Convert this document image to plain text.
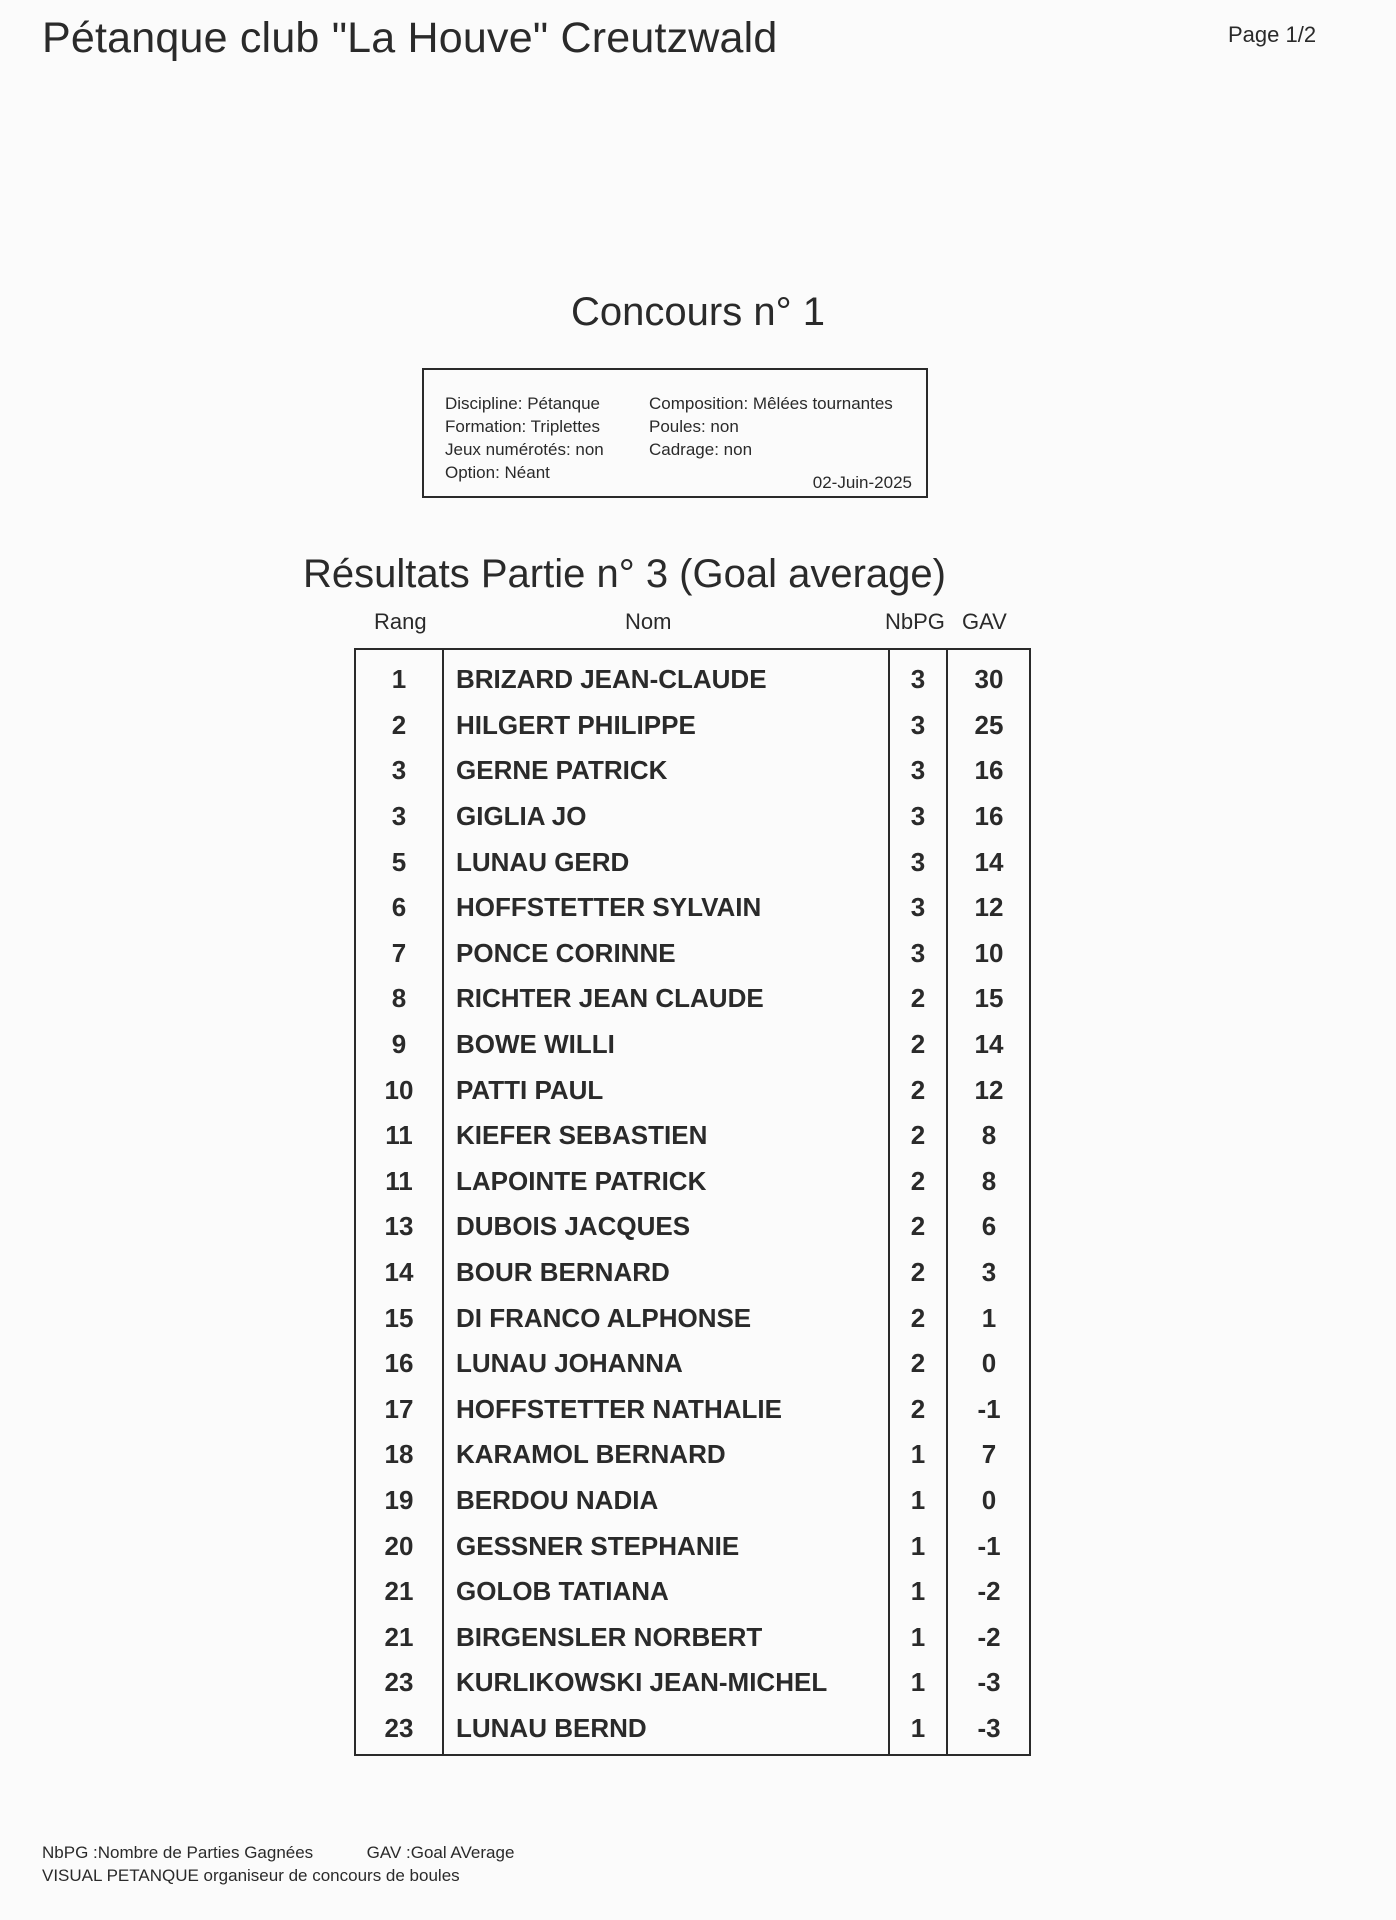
Pétanque club "La Houve" Creutzwald	Page 1/2
Concours n° 1
Discipline: Pétanque
Formation: Triplettes
Jeux numérotés: non
Option: Néant
Composition: Mêlées tournantes
Poules: non
Cadrage: non
02-Juin-2025
Résultats Partie n° 3 (Goal average)
Rang	Nom	NbPG GAV
1	BRIZARD JEAN-CLAUDE	3	30
2	HILGERT PHILIPPE	3	25
3	GERNE PATRICK	3	16
3	GIGLIA JO	3	16
5	LUNAU GERD	3	14
6	HOFFSTETTER SYLVAIN	3	12
7	PONCE CORINNE	3	10
8	RICHTER JEAN CLAUDE	2	15
9	BOWE WILLI	2	14
10	PATTI PAUL	2	12
11	KIEFER SEBASTIEN	2	8
11	LAPOINTE PATRICK	2	8
13	DUBOIS JACQUES	2	6
14	BOUR BERNARD	2	3
15	DI FRANCO ALPHONSE	2	1
16	LUNAU JOHANNA	2	0
17	HOFFSTETTER NATHALIE	2	-1
18	KARAMOL BERNARD	1	7
19	BERDOU NADIA	1	0
20	GESSNER STEPHANIE	1	-1
21	GOLOB TATIANA	1	-2
21	BIRGENSLER NORBERT	1	-2
23	KURLIKOWSKI JEAN-MICHEL	1	-3
23	LUNAU BERND	1	-3
NbPG :Nombre de Parties Gagnées	GAV :Goal AVerage
VISUAL PETANQUE organiseur de concours de boules
